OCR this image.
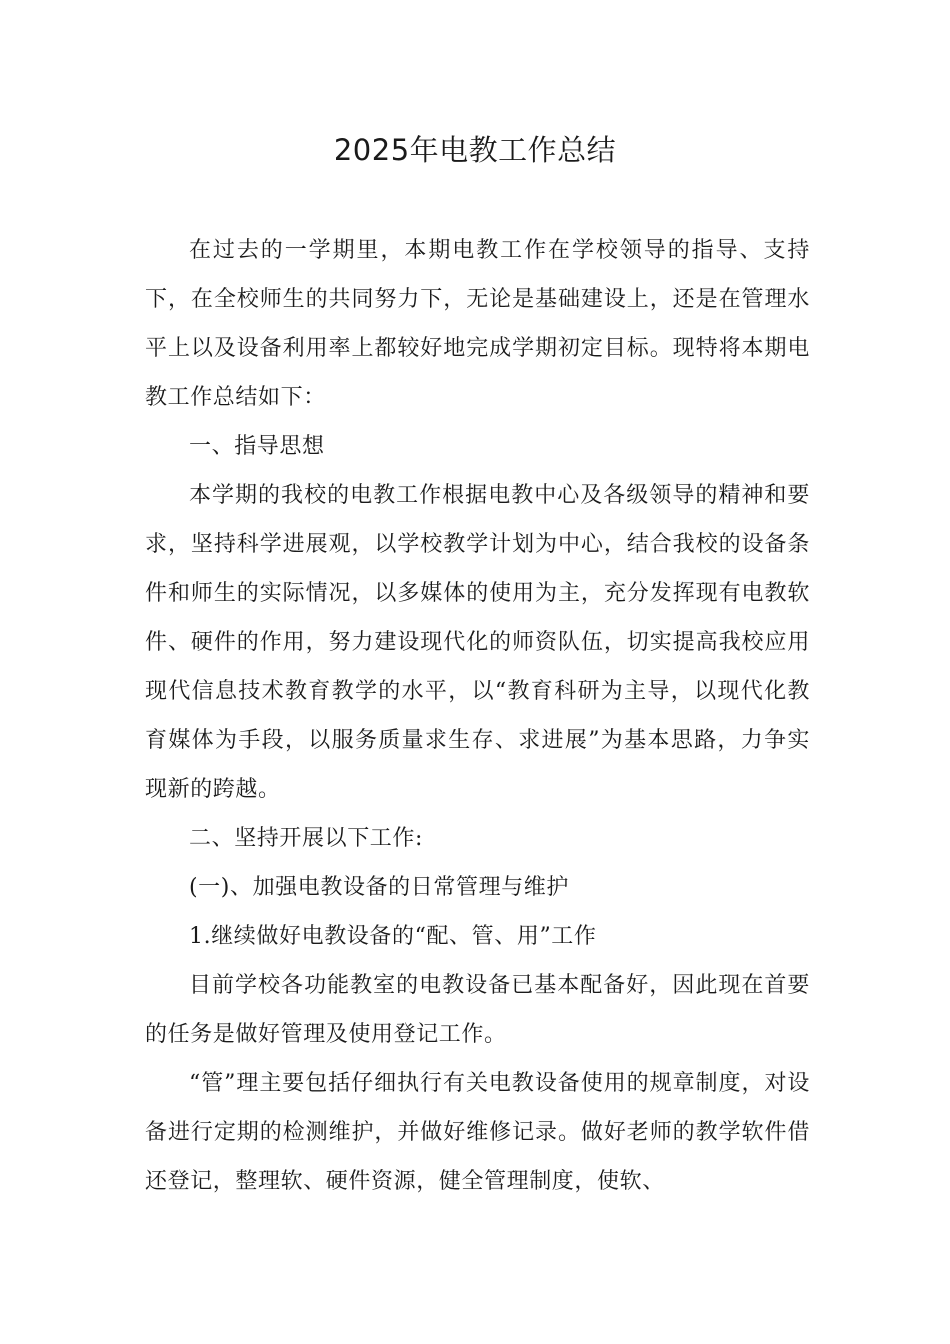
2025年电教工作总结

在过去的一学期里，本期电教工作在学校领导的指导、支持下，在全校师生的共同努力下，无论是基础建设上，还是在管理水平上以及设备利用率上都较好地完成学期初定目标。现特将本期电教工作总结如下：

一、指导思想

本学期的我校的电教工作根据电教中心及各级领导的精神和要求，坚持科学进展观，以学校教学计划为中心，结合我校的设备条件和师生的实际情况，以多媒体的使用为主，充分发挥现有电教软件、硬件的作用，努力建设现代化的师资队伍，切实提高我校应用现代信息技术教育教学的水平，以“教育科研为主导，以现代化教育媒体为手段，以服务质量求生存、求进展”为基本思路，力争实现新的跨越。

二、坚持开展以下工作:

(一)、加强电教设备的日常管理与维护

1.继续做好电教设备的“配、管、用”工作

目前学校各功能教室的电教设备已基本配备好，因此现在首要的任务是做好管理及使用登记工作。

“管”理主要包括仔细执行有关电教设备使用的规章制度，对设备进行定期的检测维护，并做好维修记录。做好老师的教学软件借还登记，整理软、硬件资源，健全管理制度，使软、
